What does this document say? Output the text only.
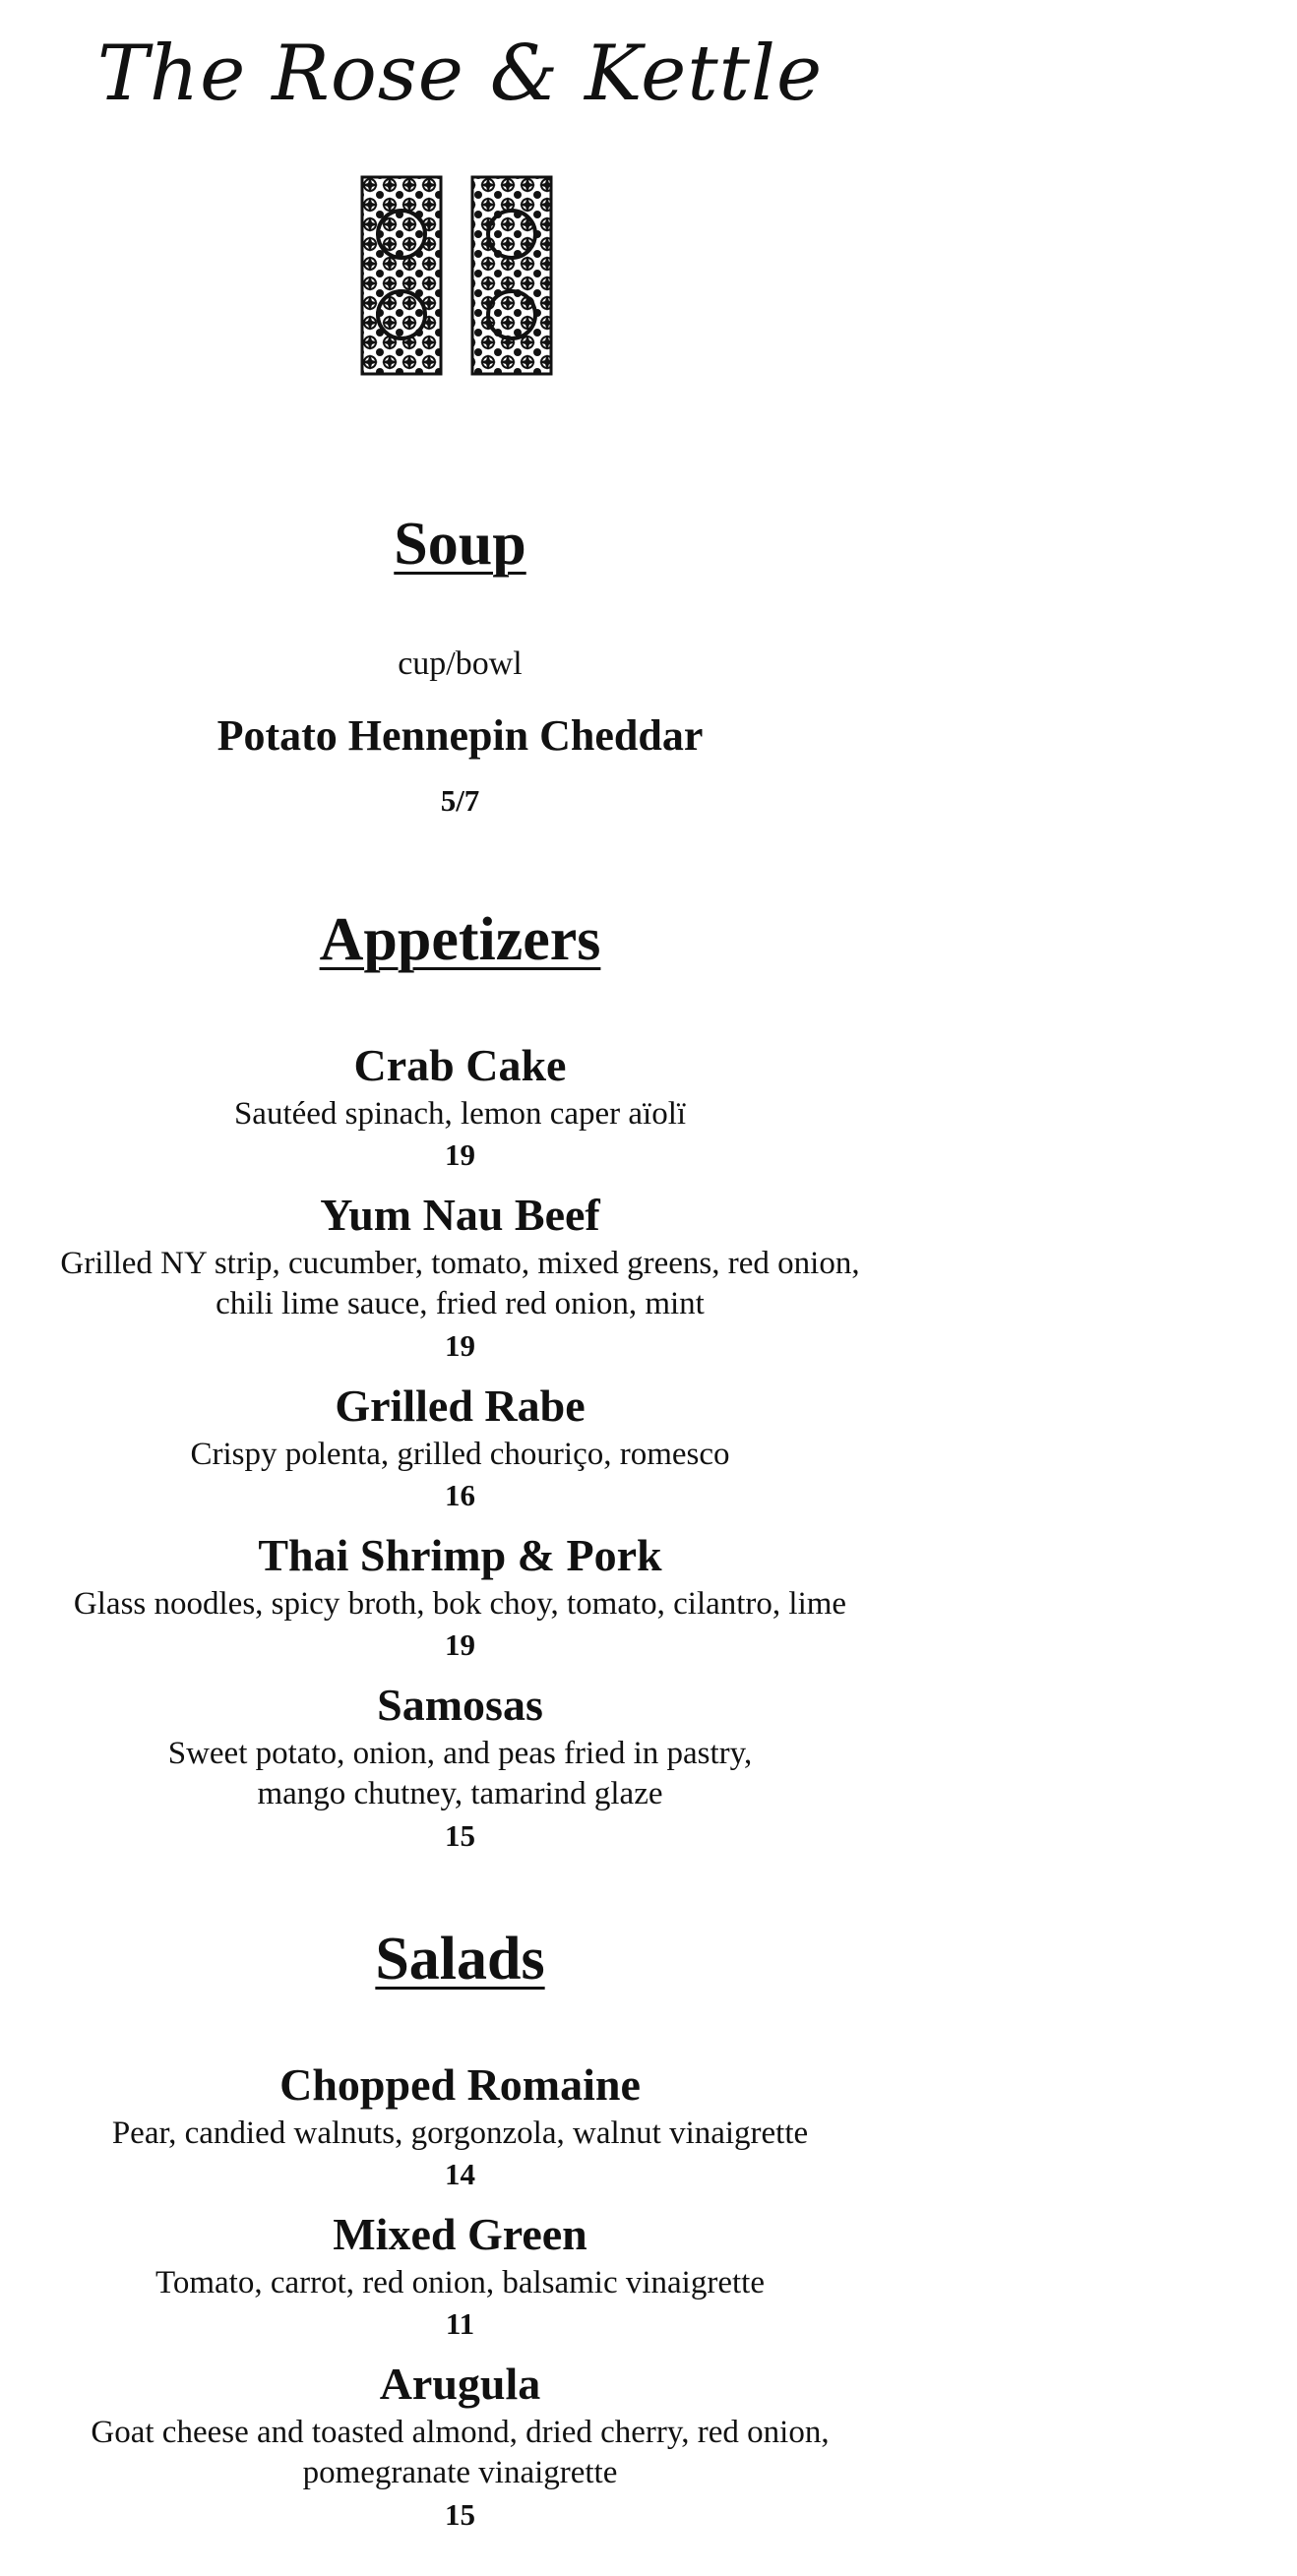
The Rose & Kettle
Soup
cup/bowl
Potato Hennepin Cheddar
5/7
Appetizers
Crab Cake
Sautéed spinach, lemon caper aïolï
19
Yum Nau Beef
Grilled NY strip, cucumber, tomato, mixed greens, red onion,
chili lime sauce, fried red onion, mint
19
Grilled Rabe
Crispy polenta, grilled chouriço, romesco
16
Thai Shrimp & Pork
Glass noodles, spicy broth, bok choy, tomato, cilantro, lime
19
Samosas
Sweet potato, onion, and peas fried in pastry,
mango chutney, tamarind glaze
15
Salads
Chopped Romaine
Pear, candied walnuts, gorgonzola, walnut vinaigrette
14
Mixed Green
Tomato, carrot, red onion, balsamic vinaigrette
11
Arugula
Goat cheese and toasted almond, dried cherry, red onion,
pomegranate vinaigrette
15
